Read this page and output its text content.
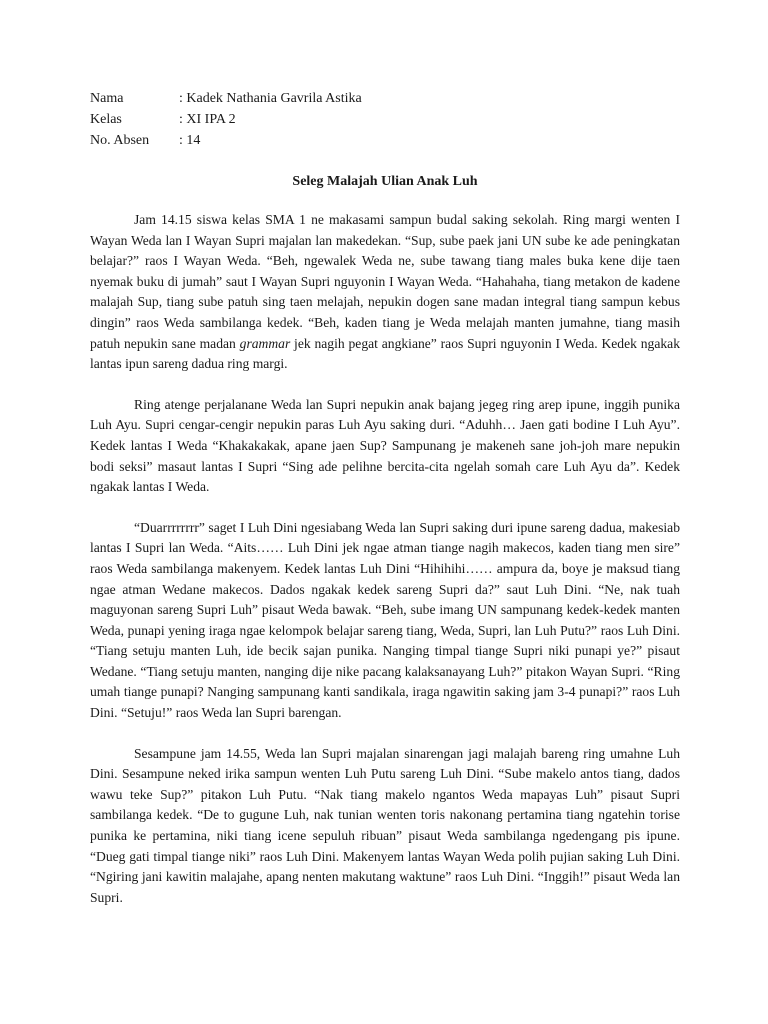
Nama	: Kadek Nathania Gavrila Astika
Kelas	: XI IPA 2
No. Absen	: 14
Seleg Malajah Ulian Anak Luh

Jam 14.15 siswa kelas SMA 1 ne makasami sampun budal saking sekolah. Ring margi wenten I Wayan Weda lan I Wayan Supri majalan lan makedekan. “Sup, sube paek jani UN sube ke ade peningkatan belajar?” raos I Wayan Weda. “Beh, ngewalek Weda ne, sube tawang tiang males buka kene dije taen nyemak buku di jumah” saut I Wayan Supri nguyonin I Wayan Weda. “Hahahaha, tiang metakon de kadene malajah Sup, tiang sube patuh sing taen melajah, nepukin dogen sane madan integral tiang sampun kebus dingin” raos Weda sambilanga kedek. “Beh, kaden tiang je Weda melajah manten jumahne, tiang masih patuh nepukin sane madan grammar jek nagih pegat angkiane” raos Supri nguyonin I Weda. Kedek ngakak lantas ipun sareng dadua ring margi.

Ring atenge perjalanane Weda lan Supri nepukin anak bajang jegeg ring arep ipune, inggih punika Luh Ayu. Supri cengar-cengir nepukin paras Luh Ayu saking duri. “Aduhh… Jaen gati bodine I Luh Ayu”. Kedek lantas I Weda “Khakakakak, apane jaen Sup? Sampunang je makeneh sane joh-joh mare nepukin bodi seksi” masaut lantas I Supri “Sing ade pelihne bercita-cita ngelah somah care Luh Ayu da”. Kedek ngakak lantas I Weda.

“Duarrrrrrrr” saget I Luh Dini ngesiabang Weda lan Supri saking duri ipune sareng dadua, makesiab lantas I Supri lan Weda. “Aits…… Luh Dini jek ngae atman tiange nagih makecos, kaden tiang men sire” raos Weda sambilanga makenyem. Kedek lantas Luh Dini “Hihihihi…… ampura da, boye je maksud tiang ngae atman Wedane makecos. Dados ngakak kedek sareng Supri da?” saut Luh Dini. “Ne, nak tuah maguyonan sareng Supri Luh” pisaut Weda bawak. “Beh, sube imang UN sampunang kedek-kedek manten Weda, punapi yening iraga ngae kelompok belajar sareng tiang, Weda, Supri, lan Luh Putu?” raos Luh Dini. “Tiang setuju manten Luh, ide becik sajan punika. Nanging timpal tiange Supri niki punapi ye?” pisaut Wedane. “Tiang setuju manten, nanging dije nike pacang kalaksanayang Luh?” pitakon Wayan Supri. “Ring umah tiange punapi? Nanging sampunang kanti sandikala, iraga ngawitin saking jam 3-4 punapi?” raos Luh Dini. “Setuju!” raos Weda lan Supri barengan.

Sesampune jam 14.55, Weda lan Supri majalan sinarengan jagi malajah bareng ring umahne Luh Dini. Sesampune neked irika sampun wenten Luh Putu sareng Luh Dini. “Sube makelo antos tiang, dados wawu teke Sup?” pitakon Luh Putu. “Nak tiang makelo ngantos Weda mapayas Luh” pisaut Supri sambilanga kedek. “De to gugune Luh, nak tunian wenten toris nakonang pertamina tiang ngatehin torise punika ke pertamina, niki tiang icene sepuluh ribuan” pisaut Weda sambilanga ngedengang pis ipune. “Dueg gati timpal tiange niki” raos Luh Dini. Makenyem lantas Wayan Weda polih pujian saking Luh Dini. “Ngiring jani kawitin malajahe, apang nenten makutang waktune” raos Luh Dini. “Inggih!” pisaut Weda lan Supri.
